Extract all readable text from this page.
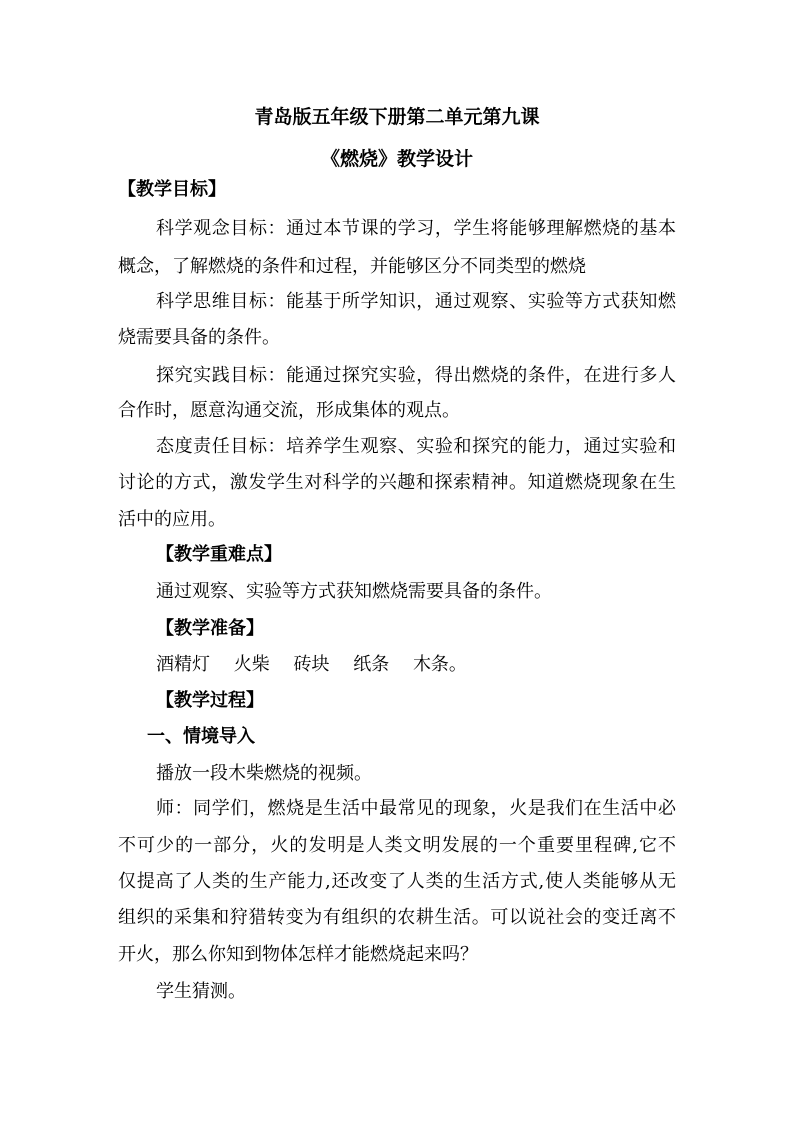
青岛版五年级下册第二单元第九课
《燃烧》教学设计
【教学目标】
科学观念目标：通过本节课的学习，学生将能够理解燃烧的基本
概念，了解燃烧的条件和过程，并能够区分不同类型的燃烧
科学思维目标：能基于所学知识，通过观察、实验等方式获知燃
烧需要具备的条件。
探究实践目标：能通过探究实验，得出燃烧的条件，在进行多人
合作时，愿意沟通交流，形成集体的观点。
态度责任目标：培养学生观察、实验和探究的能力，通过实验和
讨论的方式，激发学生对科学的兴趣和探索精神。知道燃烧现象在生
活中的应用。
【教学重难点】
通过观察、实验等方式获知燃烧需要具备的条件。
【教学准备】
酒精灯 火柴 砖块 纸条 木条。
【教学过程】
一、情境导入
播放一段木柴燃烧的视频。
师：同学们，燃烧是生活中最常见的现象，火是我们在生活中必
不可少的一部分，火的发明是人类文明发展的一个重要里程碑,它不
仅提高了人类的生产能力,还改变了人类的生活方式,使人类能够从无
组织的采集和狩猎转变为有组织的农耕生活。可以说社会的变迁离不
开火，那么你知到物体怎样才能燃烧起来吗？
学生猜测。
